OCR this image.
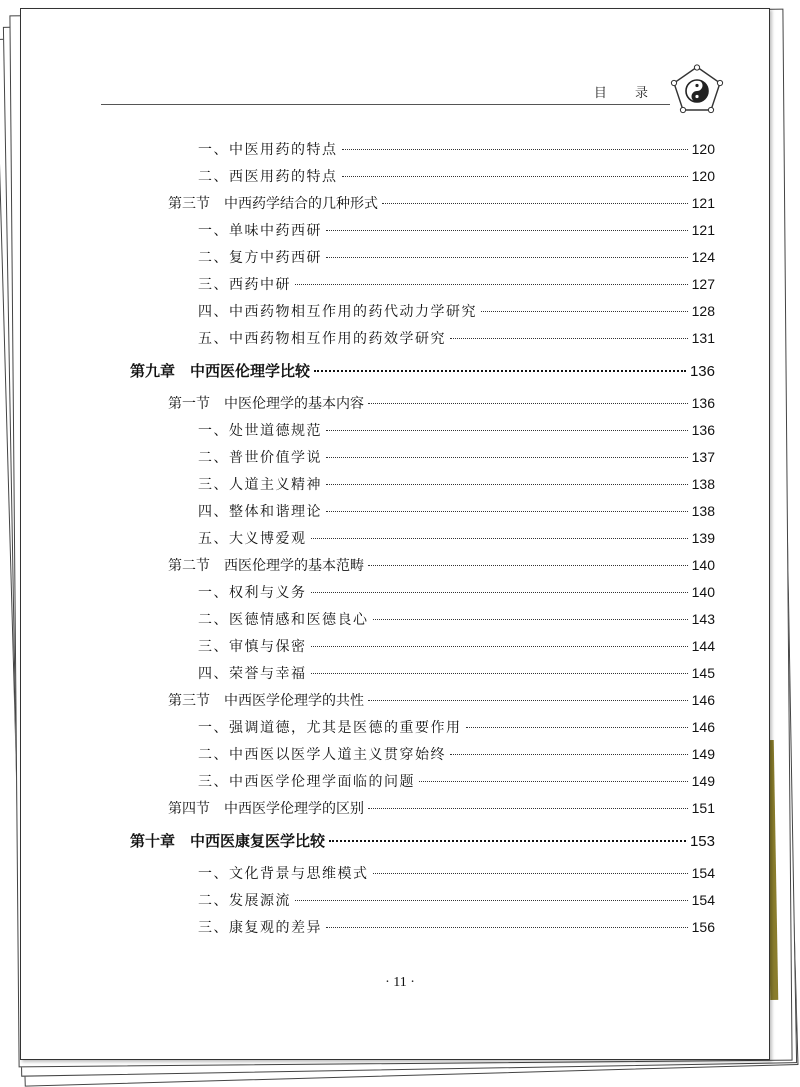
目 录
一、中医用药的特点	120
二、西医用药的特点	120
第三节　中西药学结合的几种形式	121
一、单味中药西研	121
二、复方中药西研	124
三、西药中研	127
四、中西药物相互作用的药代动力学研究	128
五、中西药物相互作用的药效学研究	131
第九章　中西医伦理学比较	136
第一节　中医伦理学的基本内容	136
一、处世道德规范	136
二、普世价值学说	137
三、人道主义精神	138
四、整体和谐理论	138
五、大义博爱观	139
第二节　西医伦理学的基本范畴	140
一、权利与义务	140
二、医德情感和医德良心	143
三、审慎与保密	144
四、荣誉与幸福	145
第三节　中西医学伦理学的共性	146
一、强调道德，尤其是医德的重要作用	146
二、中西医以医学人道主义贯穿始终	149
三、中西医学伦理学面临的问题	149
第四节　中西医学伦理学的区别	151
第十章　中西医康复医学比较	153
一、文化背景与思维模式	154
二、发展源流	154
三、康复观的差异	156
· 11 ·
